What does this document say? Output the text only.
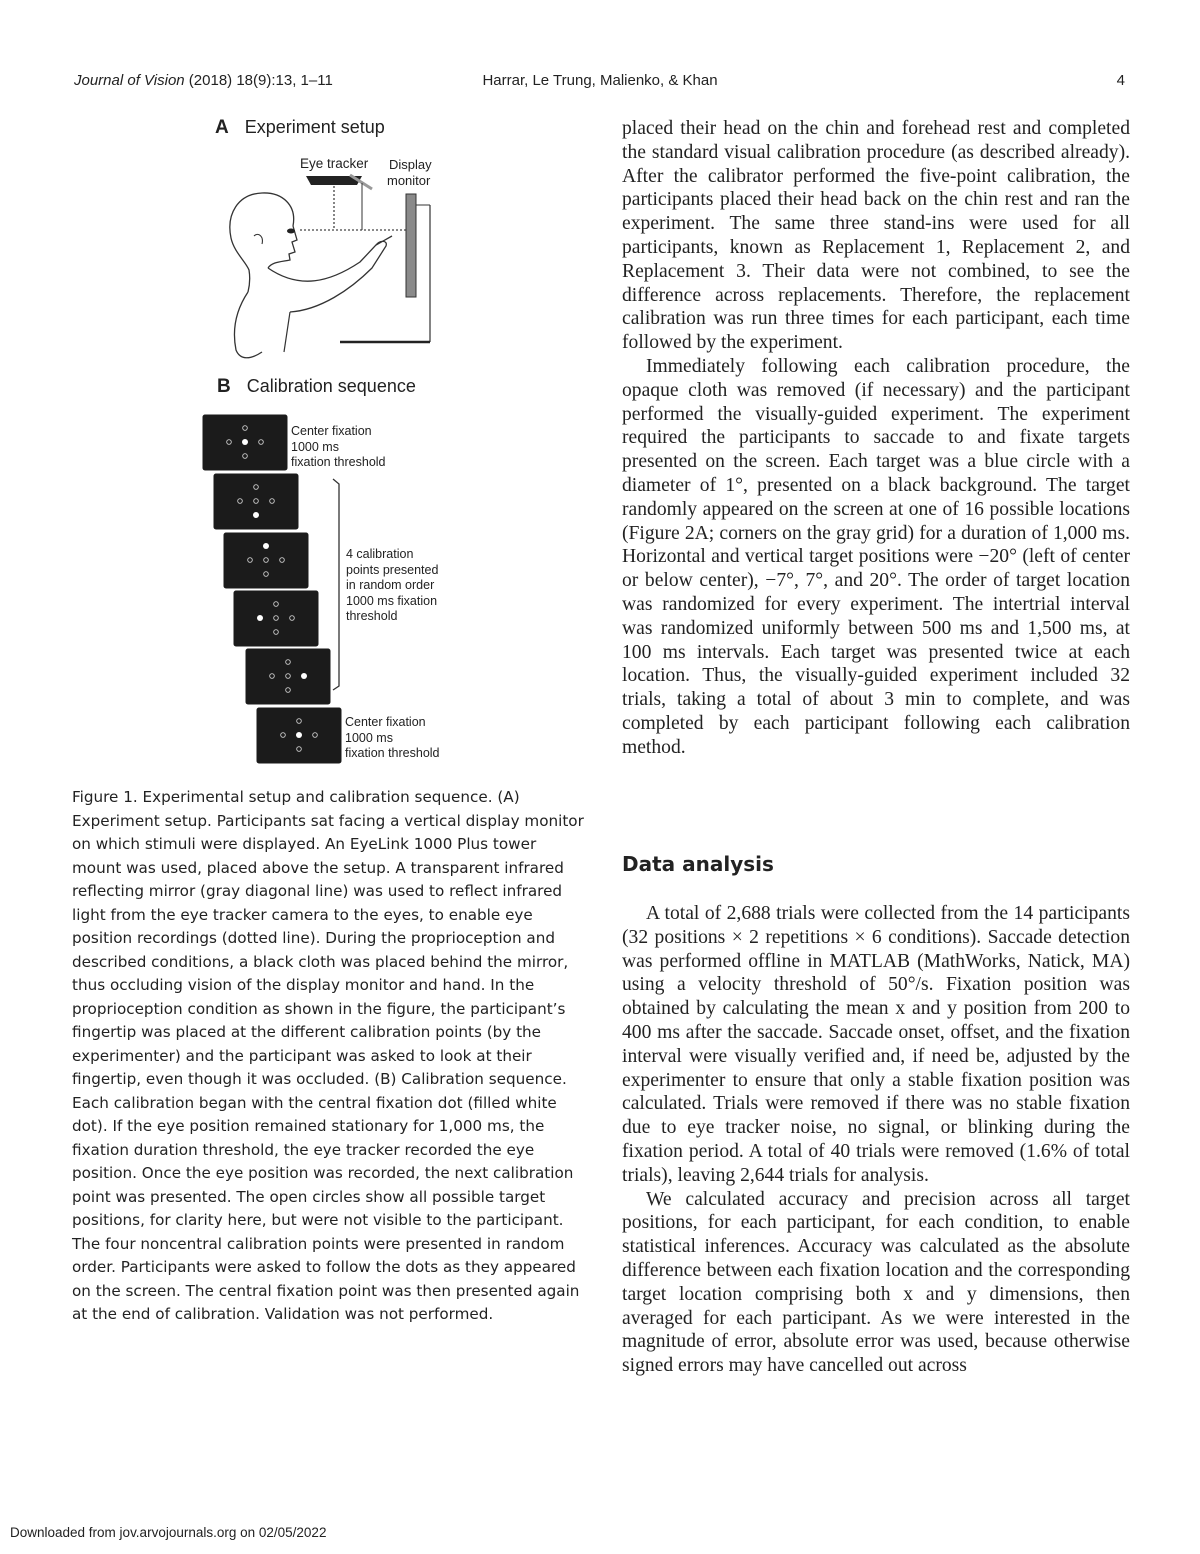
Journal of Vision (2018) 18(9):13, 1–11	Harrar, Le Trung, Malienko, & Khan	4
A Experiment setup
Eye tracker Display
monitor
B Calibration sequence
Center fixation
1000 ms
fixation threshold
4 calibration
points presented
in random order
1000 ms fixation
threshold
Center fixation
1000 ms
fixation threshold
Figure 1. Experimental setup and calibration sequence. (A) Experiment setup. Participants sat facing a vertical display monitor on which stimuli were displayed. An EyeLink 1000 Plus tower mount was used, placed above the setup. A transparent infrared reflecting mirror (gray diagonal line) was used to reflect infrared light from the eye tracker camera to the eyes, to enable eye position recordings (dotted line). During the proprioception and described conditions, a black cloth was placed behind the mirror, thus occluding vision of the display monitor and hand. In the proprioception condition as shown in the figure, the participant’s fingertip was placed at the different calibration points (by the experimenter) and the participant was asked to look at their fingertip, even though it was occluded. (B) Calibration sequence. Each calibration began with the central fixation dot (filled white dot). If the eye position remained stationary for 1,000 ms, the fixation duration threshold, the eye tracker recorded the eye position. Once the eye position was recorded, the next calibration point was presented. The open circles show all possible target positions, for clarity here, but were not visible to the participant. The four noncentral calibration points were presented in random order. Participants were asked to follow the dots as they appeared on the screen. The central fixation point was then presented again at the end of calibration. Validation was not performed.

placed their head on the chin and forehead rest and completed the standard visual calibration procedure (as described already). After the calibrator performed the five-point calibration, the participants placed their head back on the chin rest and ran the experiment. The same three stand-ins were used for all participants, known as Replacement 1, Replacement 2, and Replacement 3. Their data were not combined, to see the difference across replacements. Therefore, the replacement calibration was run three times for each participant, each time followed by the experiment.

Immediately following each calibration procedure, the opaque cloth was removed (if necessary) and the participant performed the visually-guided experiment. The experiment required the participants to saccade to and fixate targets presented on the screen. Each target was a blue circle with a diameter of 1°, presented on a black background. The target randomly appeared on the screen at one of 16 possible locations (Figure 2A; corners on the gray grid) for a duration of 1,000 ms. Horizontal and vertical target positions were −20° (left of center or below center), −7°, 7°, and 20°. The order of target location was randomized for every experiment. The intertrial interval was randomized uniformly between 500 ms and 1,500 ms, at 100 ms intervals. Each target was presented twice at each location. Thus, the visually-guided experiment included 32 trials, taking a total of about 3 min to complete, and was completed by each participant following each calibration method.

Data analysis

A total of 2,688 trials were collected from the 14 participants (32 positions × 2 repetitions × 6 conditions). Saccade detection was performed offline in MATLAB (MathWorks, Natick, MA) using a velocity threshold of 50°/s. Fixation position was obtained by calculating the mean x and y position from 200 to 400 ms after the saccade. Saccade onset, offset, and the fixation interval were visually verified and, if need be, adjusted by the experimenter to ensure that only a stable fixation position was calculated. Trials were removed if there was no stable fixation due to eye tracker noise, no signal, or blinking during the fixation period. A total of 40 trials were removed (1.6% of total trials), leaving 2,644 trials for analysis.

We calculated accuracy and precision across all target positions, for each participant, for each condition, to enable statistical inferences. Accuracy was calculated as the absolute difference between each fixation location and the corresponding target location comprising both x and y dimensions, then averaged for each participant. As we were interested in the magnitude of error, absolute error was used, because otherwise signed errors may have cancelled out across

Downloaded from jov.arvojournals.org on 02/05/2022
